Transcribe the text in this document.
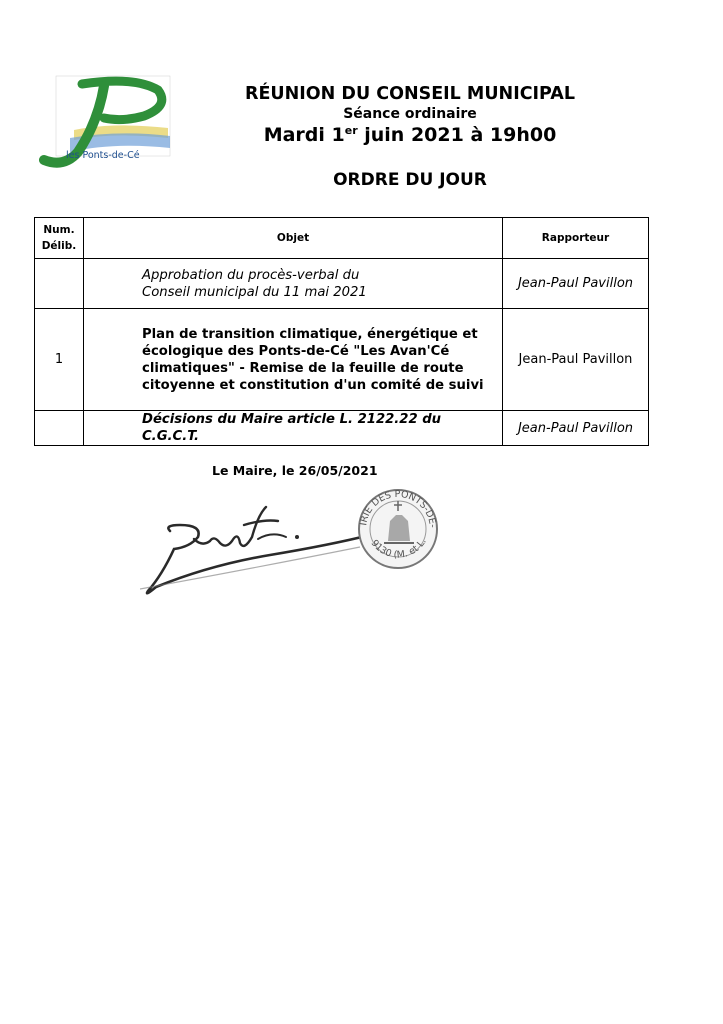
les Ponts-de-Cé
RÉUNION DU CONSEIL MUNICIPAL
Séance ordinaire
Mardi 1er juin 2021 à 19h00
ORDRE DU JOUR
Num.
Délib.	Objet	Rapporteur
	Approbation du procès-verbal du
Conseil municipal du 11 mai 2021	Jean-Paul Pavillon
1	Plan de transition climatique, énergétique et
écologique des Ponts-de-Cé "Les Avan'Cé
climatiques" - Remise de la feuille de route
citoyenne et constitution d'un comité de suivi	Jean-Paul Pavillon
	Décisions du Maire article L. 2122.22 du C.G.C.T.	Jean-Paul Pavillon
Le Maire, le 26/05/2021
IRIE DES PONTS-DE-
9130 (M. et L.
